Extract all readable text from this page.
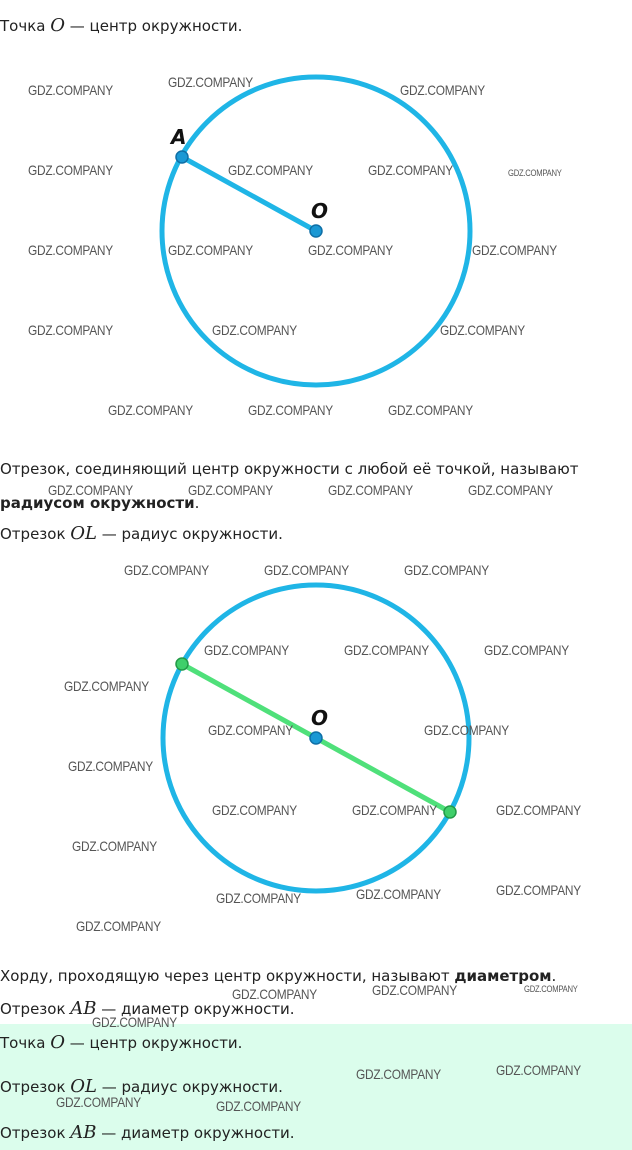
Точка O — центр окружности.
A
O
Отрезок, соединяющий центр окружности с любой её точкой, называют
радиусом окружности.
Отрезок OL — радиус окружности.
O
Хорду, проходящую через центр окружности, называют диаметром.
Отрезок AB — диаметр окружности.
Точка O — центр окружности.
Отрезок OL — радиус окружности.
Отрезок AB — диаметр окружности.
GDZ.COMPANY	GDZ.COMPANY	GDZ.COMPANY
GDZ.COMPANY	GDZ.COMPANY	GDZ.COMPANY	GDZ.COMPANY
GDZ.COMPANY	GDZ.COMPANY	GDZ.COMPANY	GDZ.COMPANY
GDZ.COMPANY	GDZ.COMPANY	GDZ.COMPANY
GDZ.COMPANY	GDZ.COMPANY	GDZ.COMPANY
GDZ.COMPANY	GDZ.COMPANY	GDZ.COMPANY	GDZ.COMPANY
GDZ.COMPANY	GDZ.COMPANY	GDZ.COMPANY
GDZ.COMPANY	GDZ.COMPANY	GDZ.COMPANY
GDZ.COMPANY
GDZ.COMPANY	GDZ.COMPANY
GDZ.COMPANY
GDZ.COMPANY	GDZ.COMPANY	GDZ.COMPANY
GDZ.COMPANY
GDZ.COMPANY	GDZ.COMPANY
GDZ.COMPANY
GDZ.COMPANY
GDZ.COMPANY	GDZ.COMPANY	GDZ.COMPANY
GDZ.COMPANY
GDZ.COMPANY	GDZ.COMPANY
GDZ.COMPANY	GDZ.COMPANY
